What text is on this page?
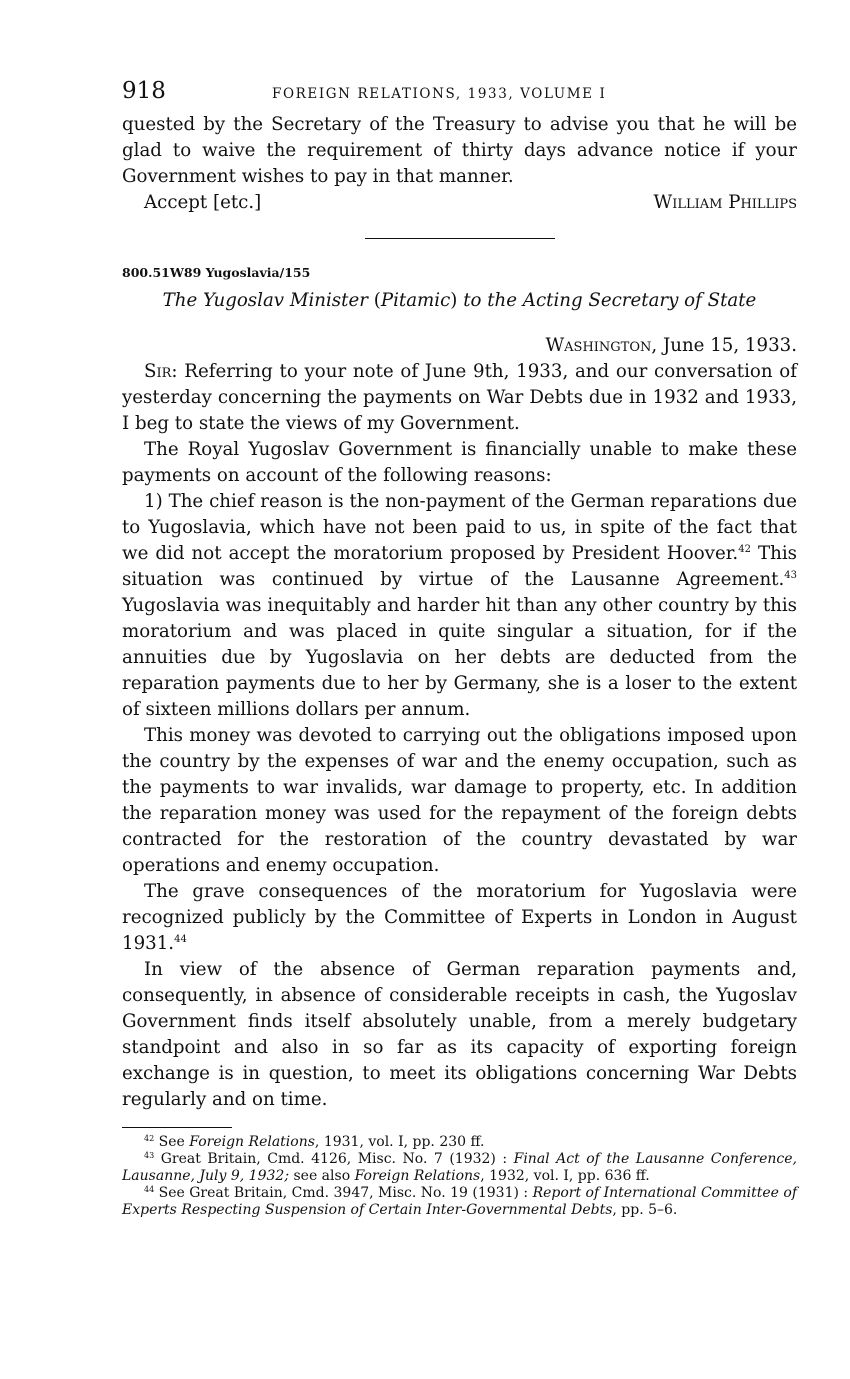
918	FOREIGN RELATIONS, 1933, VOLUME I

quested by the Secretary of the Treasury to advise you that he will be glad to waive the requirement of thirty days advance notice if your Government wishes to pay in that manner.

Accept [etc.]	William Phillips
800.51W89 Yugoslavia/155
The Yugoslav Minister (Pitamic) to the Acting Secretary of State
Washington, June 15, 1933.

Sir: Referring to your note of June 9th, 1933, and our conversation of yesterday concerning the payments on War Debts due in 1932 and 1933, I beg to state the views of my Government.

The Royal Yugoslav Government is financially unable to make these payments on account of the following reasons:

1) The chief reason is the non-payment of the German reparations due to Yugoslavia, which have not been paid to us, in spite of the fact that we did not accept the moratorium proposed by President Hoover.$^{42}$ This situation was continued by virtue of the Lausanne Agreement.$^{43}$ Yugoslavia was inequitably and harder hit than any other country by this moratorium and was placed in quite singular a situation, for if the annuities due by Yugoslavia on her debts are deducted from the reparation payments due to her by Germany, she is a loser to the extent of sixteen millions dollars per annum.

This money was devoted to carrying out the obligations imposed upon the country by the expenses of war and the enemy occupation, such as the payments to war invalids, war damage to property, etc. In addition the reparation money was used for the repayment of the foreign debts contracted for the restoration of the country devastated by war operations and enemy occupation.

The grave consequences of the moratorium for Yugoslavia were recognized publicly by the Committee of Experts in London in August 1931.44

In view of the absence of German reparation payments and, consequently, in absence of considerable receipts in cash, the Yugoslav Government finds itself absolutely unable, from a merely budgetary standpoint and also in so far as its capacity of exporting foreign exchange is in question, to meet its obligations concerning War Debts regularly and on time.

$^{42}$ See Foreign Relations, 1931, vol. I, pp. 230 ff.

$^{43}$ Great Britain, Cmd. 4126, Misc. No. 7 (1932) : Final Act of the Lausanne Conference, Lausanne, July 9, 1932; see also Foreign Relations, 1932, vol. I, pp. 636 ff.

$^{44}$ See Great Britain, Cmd. 3947, Misc. No. 19 (1931) : Report of International Committee of Experts Respecting Suspension of Certain Inter-Governmental Debts, pp. 5–6.
